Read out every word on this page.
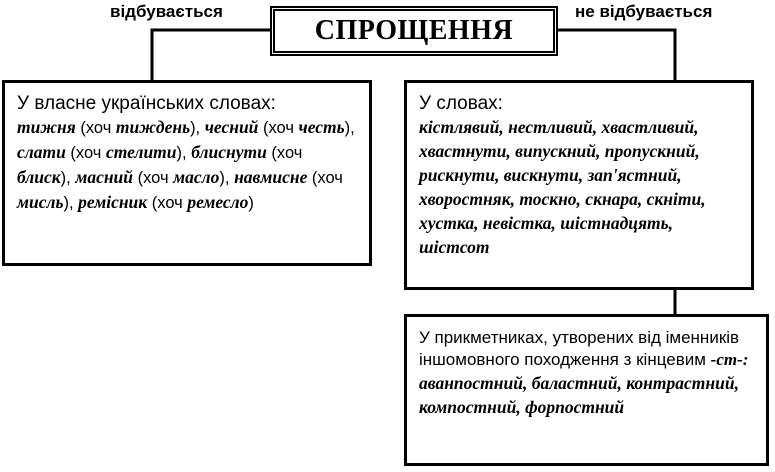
відбувається	не відбувається
СПРОЩЕННЯ
У власне українських словах:
тижня (хоч тиждень), чесний (хоч честь), слати (хоч стелити), блиснути (хоч блиск), масний (хоч масло), навмисне (хоч мисль), ремісник (хоч ремесло)
У словах:
кістлявий, нестливий, хвастливий, хвастнути, випускний, пропускний, рискнути, вискнути, зап'ястний, хворостняк, тоскно, скнара, скніти, хустка, невістка, шістнадцять, шістсот
У прикметниках, утворених від іменників іншомовного походження з кінцевим -ст-:
аванпостний, баластний, контрастний, компостний, форпостний
